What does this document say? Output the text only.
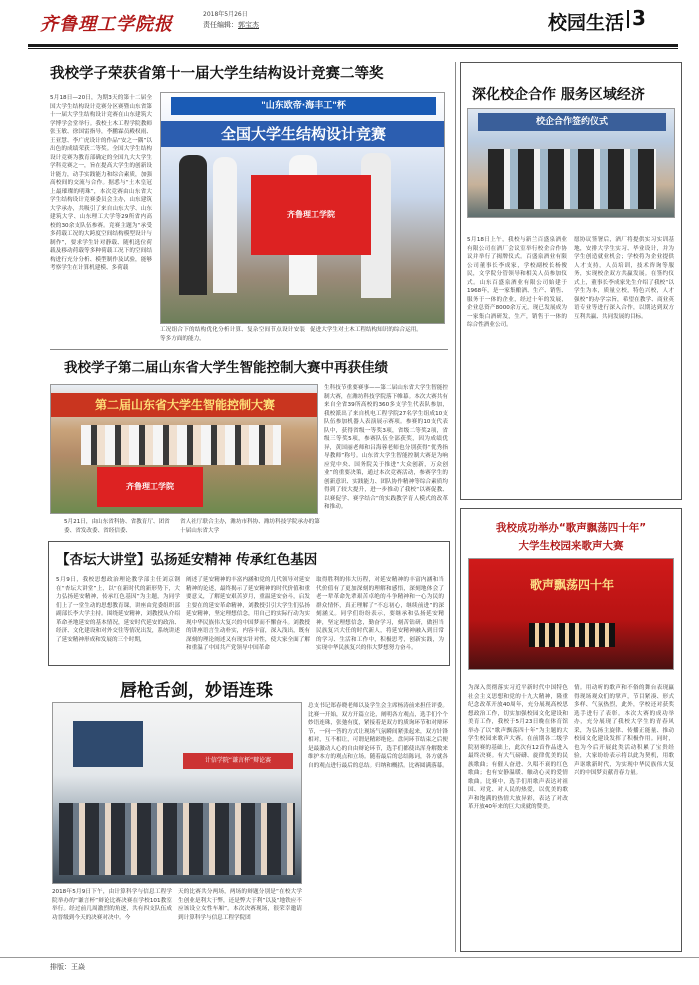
齐鲁理工学院报	2018年5月26日
责任编辑：郭宝杰	校园生活 3
我校学子荣获省第十一届大学生结构设计竞赛二等奖
5月18日—20日，为期3天的第十二届全国大学生结构设计竞赛分区赛暨山东省第十一届大学生结构设计竞赛在山东建筑大学博学会堂举行。我校土木工程学院教师张玉敏、徐国雷指导，李鹏霖员殿权雨、王亚慧、李广虎设计的作品“安之一隅”以出色的成绩荣获二等奖。全国大学生结构设计竞赛为教育部确定的全国九大大学生学科竞赛之一，旨在提高大学生的创新设计能力，动手实践能力和综合素质，加强高校间的交流与合作。据悉与“土木皇冠上最璀璨的明珠”，本次竞赛由山东省大学生结构设计竞赛委员会主办，山东建筑大学承办，共吸引了来自山东大学、山东建筑大学、山东理工大学等29所省内高校的30余支队伍参赛。竞赛主题为“承受多荷载工况的大跨度空间结构模型设计与制作”，要求学生针对静载、随机选位荷载及移动荷载等多种荷载工况下的空间结构进行充分分析、模型制作及试验，能够考察学生在计算机建模、多荷载
"山东欧帝·海丰工"杯
全国大学生结构设计竞赛
齐鲁理工学院
工况组合下的结构优化分析计算、复杂空间节点设计安装等多方面的能力，
促进大学生对土木工程结构知识的综合运用。
我校学子第二届山东省大学生智能控制大赛中再获佳绩
第二届山东省大学生智能控制大赛
齐鲁理工学院
5月21日，由山东省科协、省教育厅、团省委、省发改委、省经信委、
省人社厅联合主办，潍坊市科协、潍坊科技学院承办的第十届山东省大学
生科技节重要赛事——第二届山东省大学生智能控制大赛，在潍坊科技学院落下帷幕。本次大赛共有来自全省39所高校的360多支学生代表队参加，我校派出了来自机电工程学院27名学生组成10支队伍参加机器人表演展示赛项。参赛的10支代表队中，获得省级一等奖3项，省级二等奖2项，省级三等奖5项，参赛队伍全部获奖，因为成绩优异，黄国丽老师和吕海蓉老师也分别获得“优秀指导教师”称号。山东省大学生智能控制大赛是为响应党中央、国务院关于推进“大众创新，万众创业”的重要决策，通过本次竞赛活动，参赛学生的创新意识、实践能力、团队协作精神等综合素质均得到了较大提升，进一步推动了我校“以赛促教、以赛促学、赛学结合”的实践教学育人模式的改革和推动。
【杏坛大讲堂】弘扬延安精神 传承红色基因
5月9日，我校思想政治理论教学部主任刘京钢在“杏坛大讲堂”上，以“在新时代的新形势下，大力弘扬延安精神，传承红色基因”为主题，为同学们上了一堂生动的思想教育课，讲座由党委组织部副部长李大学主持。围绕延安精神，刘教授从介绍革命圣地延安的基本情况，延安时代延安的政治、经济、文化建设和对外交往等情况出发，系统讲述了延安精神形成和发展的三个时期，
阐述了延安精神的丰富内涵和党的几代领导对延安精神的论述，最终揭示了延安精神的时代价值和重要意义，了解延安艰苦岁月，重温延安奋斗，启发主要在的延安革命精神，刘教授引引大学生们弘扬延安精神，坚定理想信念，用自己的实际行动为实现中华民族伟大复兴的中国梦而不懈奋斗。刘教授的讲座语言生动朴实，内容丰富，深入浅出，既有深刻的理论阐述又有现实针对性，使大家全面了解和重温了中国共产党领导中国革命
取得胜利的伟大历程，对延安精神的丰富内涵和当代价值有了更加深刻的理解和感悟，深刻地体会了老一辈革命先辈艰苦卓绝的斗争精神和一心为民的群众情怀，真正理解了“不忘初心，继续前进”的深刻涵义。同学们纷纷表示，要继承和弘扬延安精神，坚定理想信念，勤奋学习，刻苦钻研，做担当民族复兴大任的时代新人，将延安精神融入到日常的学习、生活和工作中，积极思考，创新实践，为实现中华民族复兴的伟大梦想努力奋斗。
唇枪舌剑，妙语连珠
计信学院“谦言杯”辩论赛
2018年5月9日下午，由计算科学与信息工程学院举办的“谦言杯”辩论比赛决赛在学校101教室举行。经过前几周激烈的角逐，共有四支队伍成功晋级到今天的决赛对决中。今
天的比赛共分两场，两场的辩题分别是“在校大学生创业是利大于弊，还是弊大于利”以及“地铁应不应该设立女性车厢”。本次决赛现场，很荣幸邀请到计算科学与信息工程学院团
总支书记郑春晓老师以及学生会主席杨涛前来担任评委。比赛一开始，双方开篇立论，阐明各方观点，选手们个个妙语连珠，张弛有度，紧接着是双方的质询环节和对辩环节，一问一答的方式让现场气氛瞬间紧张起来，双方针锋相对，互不相让，可谓是精彩绝伦。盘问环节结束之后便是最激动人心的自由辩论环节，选手们都使出浑身解数来维护本方的观点和立场。随着最后的总结陈词，各方就各自的观点进行最后的总结。归纳和概括。比赛圆满落幕。
深化校企合作 服务区域经济
校企合作签约仪式
5月18日上午，我校与新兰百盛泉酒业有限公司在酒厂会议室举行校企合作协议并举行了揭牌仪式。百盛泉酒业有限公司董事长李成家，学校副校长杨俊民，文学院分管领导和相关人员参加仪式。山东百盛泉酒业有限公司始建于1968年，是一家集酿酒、生产、销售、服务于一体的企业，经过十年的发展，企业总资产8000余万元，现已发展成为一家集白酒研发，生产，销售于一体的综合性酒业公司。
愿协议签署后，酒厂将提供实习实训基地，安排大学生实习、毕业设计，并为学生创造就业机会；学校将为企业提供人才支持，人员培训，技术咨询等服务，实现校企双方共赢发展。在签约仪式上，董事长李成家先生介绍了我校“以学生为本，质量立校，特色兴校，人才强校”的办学宗旨，希望在教学、商业英语专业等进行深入合作，以期达到双方互利共赢、共同发展的目标。
我校成功举办“歌声飘荡四十年”
大学生校园来歌声大赛
歌声飘荡四十年
为深入贯彻落实习近平新时代中国特色社会主义思想和党的十九大精神，隆重纪念改革开放40周年，充分展现高校思想政治工作，切实加强校园文化建设和美育工作，我校于5月23日晚在体育馆举办了以“歌声飘荡四十年”为主题的大学生校园来歌声大赛。在前期各二级学院初赛的基础上，此次有12首作品进入最终决赛。有大气磅礴、旋律优美的民族歌曲；有催人奋进、久唱不衰的红色歌曲；也有安静温暖、触动心灵的爱情歌曲。比赛中，选手们用歌声表达对祖国、对党、对人民的热爱，以优美的歌声和饱满的热情大放异彩，表达了对改革开放40年来的巨大成就的赞美。
情。用动听的歌声和不俗的舞台表现赢得现场观众们的掌声，节目紧凑、形式多样、气氛热烈，此外，学校还对获奖选手进行了表彰。本次大赛的成功举办，充分展现了我校大学生的青春风采，为弘扬主旋律、传播正能量、推动校园文化建设发挥了积极作用。同时，也为今后开展此类活动积累了宝贵经验，大家纷纷表示将以此为契机，用歌声讴歌新时代，为实现中华民族伟大复兴的中国梦贡献青春力量。
排版：王焱
